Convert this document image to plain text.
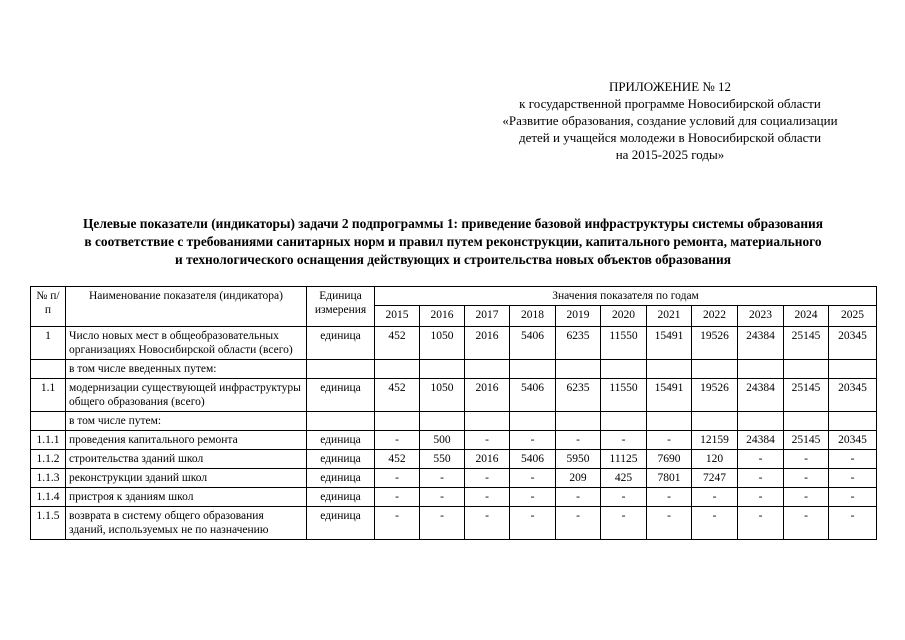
ПРИЛОЖЕНИЕ № 12
к государственной программе Новосибирской области
«Развитие образования, создание условий для социализации
детей и учащейся молодежи в Новосибирской области
на 2015-2025 годы»
Целевые показатели (индикаторы) задачи 2 подпрограммы 1: приведение базовой инфраструктуры системы образования
в соответствие с требованиями санитарных норм и правил путем реконструкции, капитального ремонта, материального
и технологического оснащения действующих и строительства новых объектов образования
№ п/п	Наименование показателя (индикатора)	Единица измерения	Значения показателя по годам										
			2015	2016	2017	2018	2019	2020	2021	2022	2023	2024	2025
1	Число новых мест в общеобразовательных организациях Новосибирской области (всего)	единица	452	1050	2016	5406	6235	11550	15491	19526	24384	25145	20345
	в том числе введенных путем:												
1.1	модернизации существующей инфраструктуры общего образования (всего)	единица	452	1050	2016	5406	6235	11550	15491	19526	24384	25145	20345
	в том числе путем:												
1.1.1	проведения капитального ремонта	единица	-	500	-	-	-	-	-	12159	24384	25145	20345
1.1.2	строительства зданий школ	единица	452	550	2016	5406	5950	11125	7690	120	-	-	-
1.1.3	реконструкции зданий школ	единица	-	-	-	-	209	425	7801	7247	-	-	-
1.1.4	пристроя к зданиям школ	единица	-	-	-	-	-	-	-	-	-	-	-
1.1.5	возврата в систему общего образования зданий, используемых не по назначению	единица	-	-	-	-	-	-	-	-	-	-	-
